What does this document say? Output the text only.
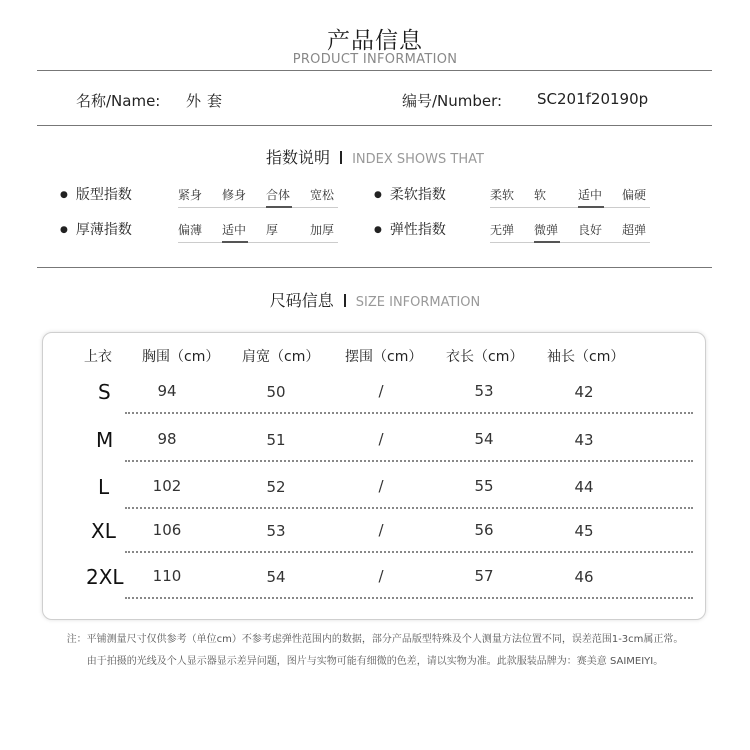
产品信息
PRODUCT INFORMATION
名称/Name: 外套	编号/Number: SC201f20190p
指数说明 INDEX SHOWS THAT
● 版型指数	紧身 修身 合体 宽松	● 柔软指数	柔软 软	适中 偏硬
● 厚薄指数	偏薄 适中 厚	加厚	● 弹性指数	无弹 微弹 良好 超弹
尺码信息 SIZE INFORMATION
上衣 胸围（cm） 肩宽（cm） 摆围（cm） 衣长（cm） 袖长（cm）
S	94	50	/	53	42
M	98	51	/	54	43
L	102	52	/	55	44
XL	106	53	/	56	45
2XL	110	54	/	57	46
注：平铺测量尺寸仅供参考（单位cm）不参考虑弹性范围内的数据，部分产品版型特殊及个人测量方法位置不同，误差范围1-3cm属正常。
由于拍摄的光线及个人显示器显示差异问题，图片与实物可能有细微的色差，请以实物为准。此款服装品牌为：赛美意 SAIMEIYI。
